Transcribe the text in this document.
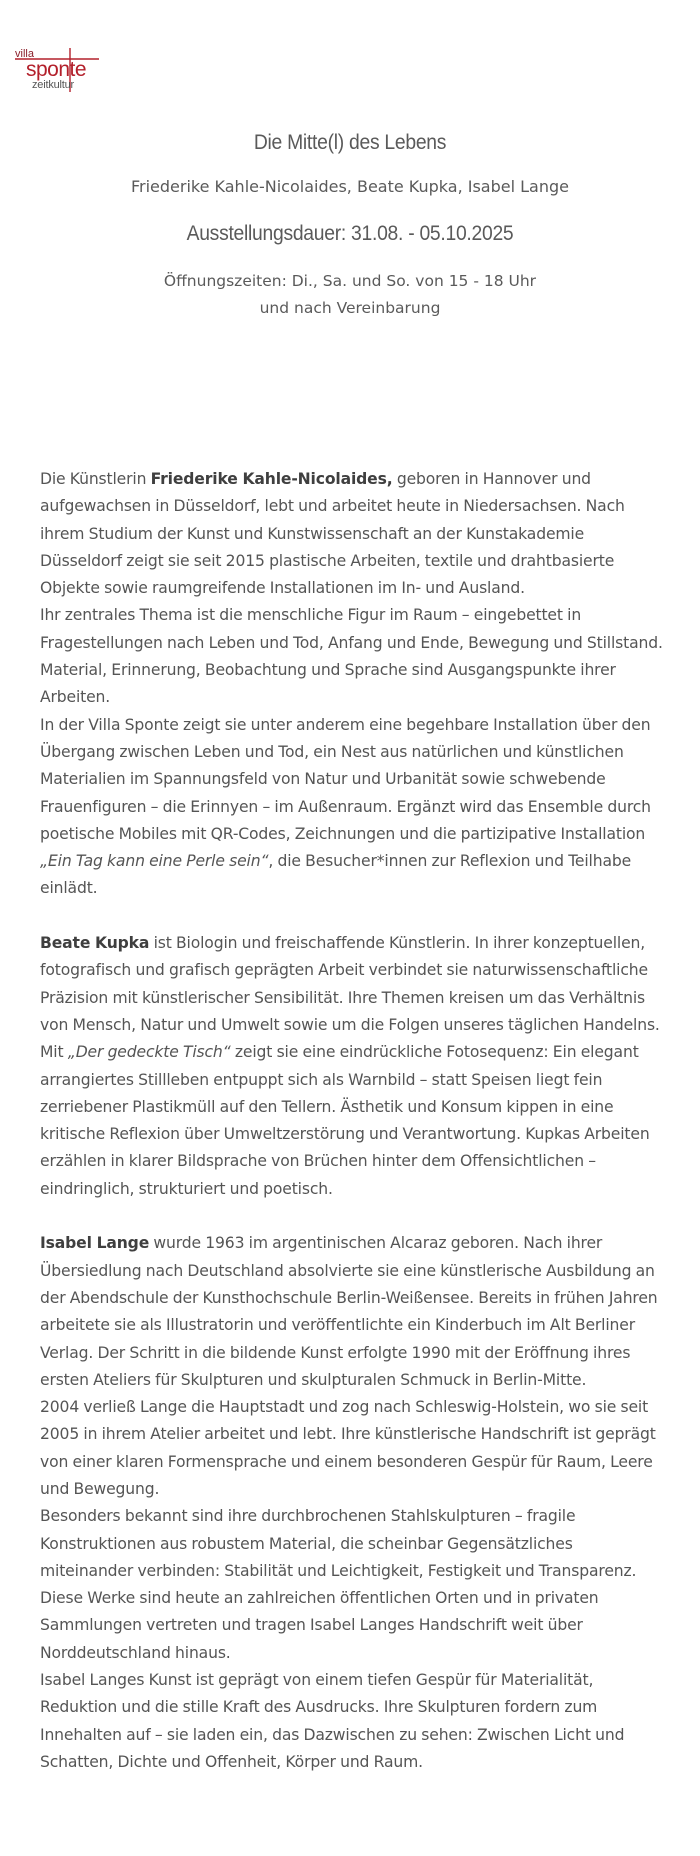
villa
sponte
zeitkultur
Die Mitte(l) des Lebens
Friederike Kahle-Nicolaides, Beate Kupka, Isabel Lange
Ausstellungsdauer: 31.08. - 05.10.2025
Öffnungszeiten: Di., Sa. und So. von 15 - 18 Uhr
und nach Vereinbarung

Die Künstlerin Friederike Kahle-Nicolaides, geboren in Hannover und aufgewachsen in Düsseldorf, lebt und arbeitet heute in Niedersachsen. Nach ihrem Studium der Kunst und Kunstwissenschaft an der Kunstakademie Düsseldorf zeigt sie seit 2015 plastische Arbeiten, textile und drahtbasierte Objekte sowie raumgreifende Installationen im In- und Ausland.

Ihr zentrales Thema ist die menschliche Figur im Raum – eingebettet in Fragestellungen nach Leben und Tod, Anfang und Ende, Bewegung und Stillstand. Material, Erinnerung, Beobachtung und Sprache sind Ausgangspunkte ihrer Arbeiten.

In der Villa Sponte zeigt sie unter anderem eine begehbare Installation über den Übergang zwischen Leben und Tod, ein Nest aus natürlichen und künstlichen Materialien im Spannungsfeld von Natur und Urbanität sowie schwebende Frauenfiguren – die Erinnyen – im Außenraum. Ergänzt wird das Ensemble durch poetische Mobiles mit QR-Codes, Zeichnungen und die partizipative Installation „Ein Tag kann eine Perle sein“, die Besucher*innen zur Reflexion und Teilhabe einlädt.

Beate Kupka ist Biologin und freischaffende Künstlerin. In ihrer konzeptuellen, fotografisch und grafisch geprägten Arbeit verbindet sie naturwissenschaftliche Präzision mit künstlerischer Sensibilität. Ihre Themen kreisen um das Verhältnis von Mensch, Natur und Umwelt sowie um die Folgen unseres täglichen Handelns.

Mit „Der gedeckte Tisch“ zeigt sie eine eindrückliche Fotosequenz: Ein elegant arrangiertes Stillleben entpuppt sich als Warnbild – statt Speisen liegt fein zerriebener Plastikmüll auf den Tellern. Ästhetik und Konsum kippen in eine kritische Reflexion über Umweltzerstörung und Verantwortung. Kupkas Arbeiten erzählen in klarer Bildsprache von Brüchen hinter dem Offensichtlichen – eindringlich, strukturiert und poetisch.

Isabel Lange wurde 1963 im argentinischen Alcaraz geboren. Nach ihrer Übersiedlung nach Deutschland absolvierte sie eine künstlerische Ausbildung an der Abendschule der Kunsthochschule Berlin-Weißensee. Bereits in frühen Jahren arbeitete sie als Illustratorin und veröffentlichte ein Kinderbuch im Alt Berliner Verlag. Der Schritt in die bildende Kunst erfolgte 1990 mit der Eröffnung ihres ersten Ateliers für Skulpturen und skulpturalen Schmuck in Berlin-Mitte.

2004 verließ Lange die Hauptstadt und zog nach Schleswig-Holstein, wo sie seit 2005 in ihrem Atelier arbeitet und lebt. Ihre künstlerische Handschrift ist geprägt von einer klaren Formensprache und einem besonderen Gespür für Raum, Leere und Bewegung.

Besonders bekannt sind ihre durchbrochenen Stahlskulpturen – fragile Konstruktionen aus robustem Material, die scheinbar Gegensätzliches miteinander verbinden: Stabilität und Leichtigkeit, Festigkeit und Transparenz. Diese Werke sind heute an zahlreichen öffentlichen Orten und in privaten Sammlungen vertreten und tragen Isabel Langes Handschrift weit über Norddeutschland hinaus.

Isabel Langes Kunst ist geprägt von einem tiefen Gespür für Materialität, Reduktion und die stille Kraft des Ausdrucks. Ihre Skulpturen fordern zum Innehalten auf – sie laden ein, das Dazwischen zu sehen: Zwischen Licht und Schatten, Dichte und Offenheit, Körper und Raum.
